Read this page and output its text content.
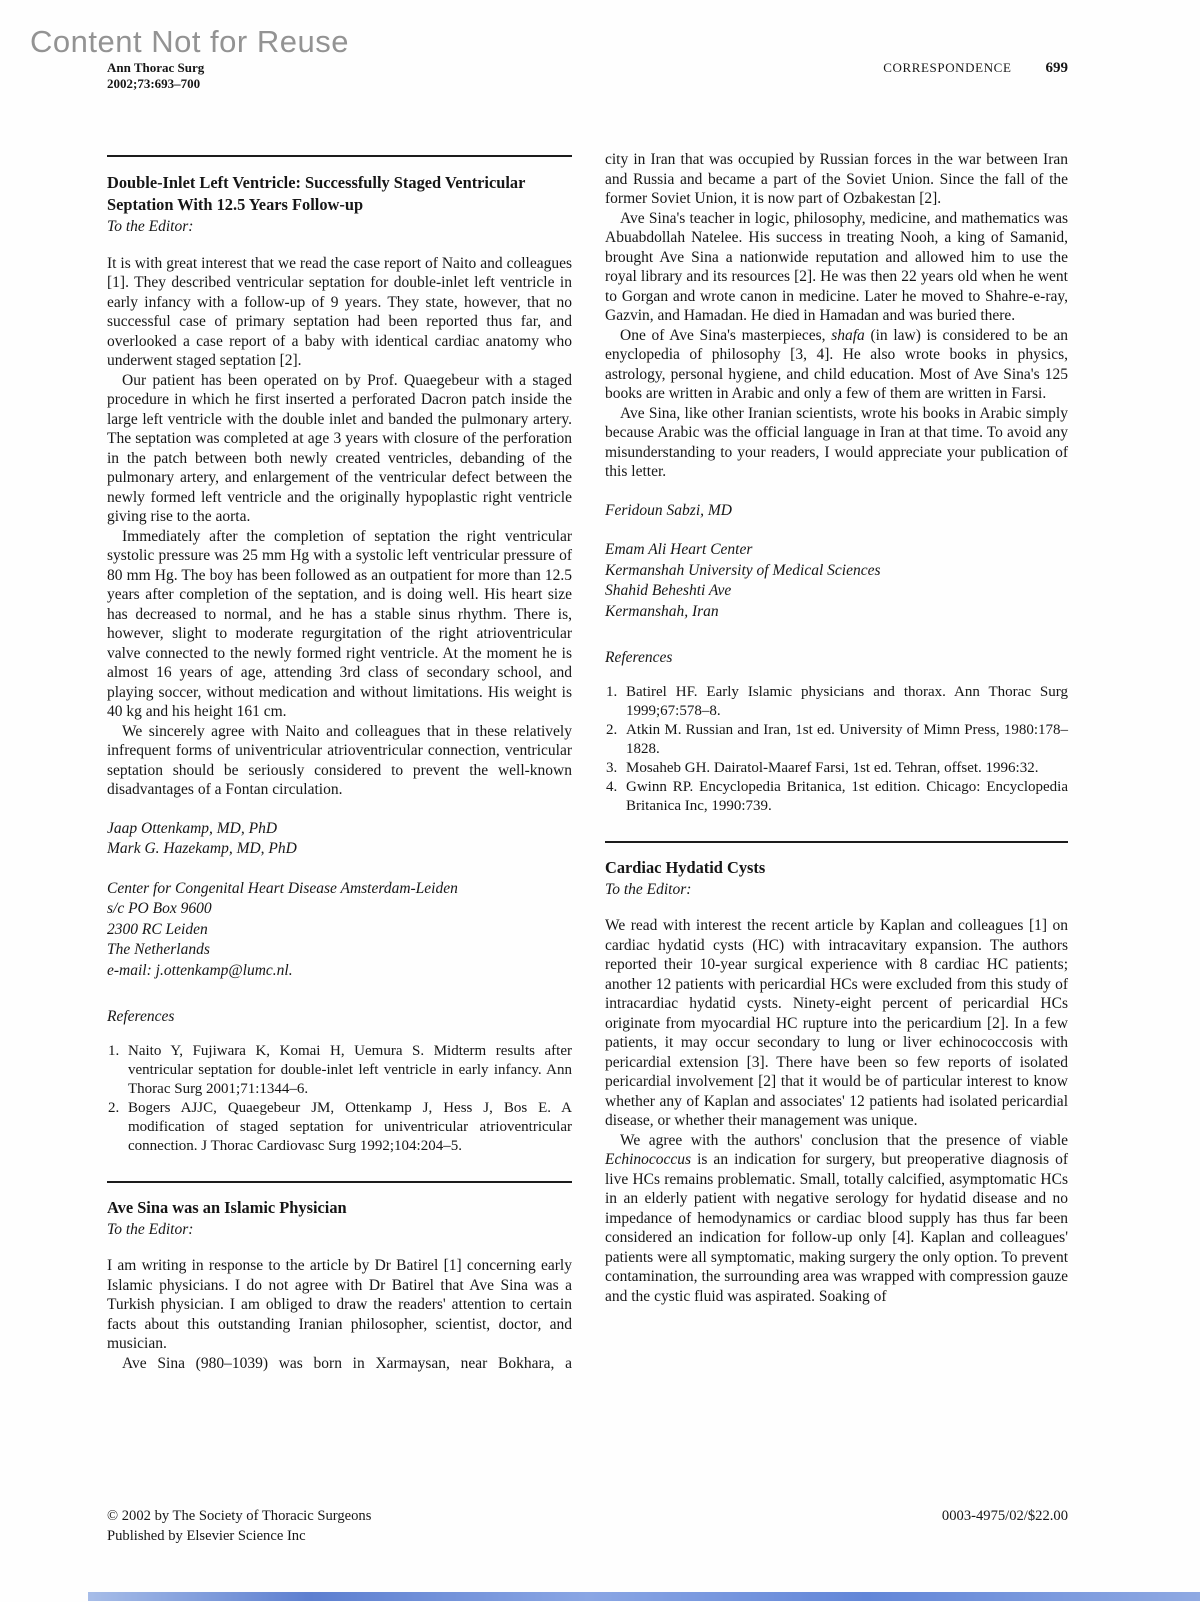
Content Not for Reuse
Ann Thorac Surg
2002;73:693–700
CORRESPONDENCE 699
Double-Inlet Left Ventricle: Successfully Staged Ventricular Septation With 12.5 Years Follow-up
To the Editor:

It is with great interest that we read the case report of Naito and colleagues [1]. They described ventricular septation for double-inlet left ventricle in early infancy with a follow-up of 9 years. They state, however, that no successful case of primary septation had been reported thus far, and overlooked a case report of a baby with identical cardiac anatomy who underwent staged septation [2].

Our patient has been operated on by Prof. Quaegebeur with a staged procedure in which he first inserted a perforated Dacron patch inside the large left ventricle with the double inlet and banded the pulmonary artery. The septation was completed at age 3 years with closure of the perforation in the patch between both newly created ventricles, debanding of the pulmonary artery, and enlargement of the ventricular defect between the newly formed left ventricle and the originally hypoplastic right ventricle giving rise to the aorta.

Immediately after the completion of septation the right ventricular systolic pressure was 25 mm Hg with a systolic left ventricular pressure of 80 mm Hg. The boy has been followed as an outpatient for more than 12.5 years after completion of the septation, and is doing well. His heart size has decreased to normal, and he has a stable sinus rhythm. There is, however, slight to moderate regurgitation of the right atrioventricular valve connected to the newly formed right ventricle. At the moment he is almost 16 years of age, attending 3rd class of secondary school, and playing soccer, without medication and without limitations. His weight is 40 kg and his height 161 cm.

We sincerely agree with Naito and colleagues that in these relatively infrequent forms of univentricular atrioventricular connection, ventricular septation should be seriously considered to prevent the well-known disadvantages of a Fontan circulation.

Jaap Ottenkamp, MD, PhD
Mark G. Hazekamp, MD, PhD
Center for Congenital Heart Disease Amsterdam-Leiden
s/c PO Box 9600
2300 RC Leiden
The Netherlands
e-mail: j.ottenkamp@lumc.nl.
References
Naito Y, Fujiwara K, Komai H, Uemura S. Midterm results after ventricular septation for double-inlet left ventricle in early infancy. Ann Thorac Surg 2001;71:1344–6.
Bogers AJJC, Quaegebeur JM, Ottenkamp J, Hess J, Bos E. A modification of staged septation for univentricular atrioventricular connection. J Thorac Cardiovasc Surg 1992;104:204–5.
Ave Sina was an Islamic Physician
To the Editor:

I am writing in response to the article by Dr Batirel [1] concerning early Islamic physicians. I do not agree with Dr Batirel that Ave Sina was a Turkish physician. I am obliged to draw the readers' attention to certain facts about this outstanding Iranian philosopher, scientist, doctor, and musician.

Ave Sina (980–1039) was born in Xarmaysan, near Bokhara, a

city in Iran that was occupied by Russian forces in the war between Iran and Russia and became a part of the Soviet Union. Since the fall of the former Soviet Union, it is now part of Ozbakestan [2].

Ave Sina's teacher in logic, philosophy, medicine, and mathematics was Abuabdollah Natelee. His success in treating Nooh, a king of Samanid, brought Ave Sina a nationwide reputation and allowed him to use the royal library and its resources [2]. He was then 22 years old when he went to Gorgan and wrote canon in medicine. Later he moved to Shahre-e-ray, Gazvin, and Hamadan. He died in Hamadan and was buried there.

One of Ave Sina's masterpieces, shafa (in law) is considered to be an enyclopedia of philosophy [3, 4]. He also wrote books in physics, astrology, personal hygiene, and child education. Most of Ave Sina's 125 books are written in Arabic and only a few of them are written in Farsi.

Ave Sina, like other Iranian scientists, wrote his books in Arabic simply because Arabic was the official language in Iran at that time. To avoid any misunderstanding to your readers, I would appreciate your publication of this letter.

Feridoun Sabzi, MD
Emam Ali Heart Center
Kermanshah University of Medical Sciences
Shahid Beheshti Ave
Kermanshah, Iran
References
Batirel HF. Early Islamic physicians and thorax. Ann Thorac Surg 1999;67:578–8.
Atkin M. Russian and Iran, 1st ed. University of Mimn Press, 1980:178–1828.
Mosaheb GH. Dairatol-Maaref Farsi, 1st ed. Tehran, offset. 1996:32.
Gwinn RP. Encyclopedia Britanica, 1st edition. Chicago: Encyclopedia Britanica Inc, 1990:739.
Cardiac Hydatid Cysts
To the Editor:

We read with interest the recent article by Kaplan and colleagues [1] on cardiac hydatid cysts (HC) with intracavitary expansion. The authors reported their 10-year surgical experience with 8 cardiac HC patients; another 12 patients with pericardial HCs were excluded from this study of intracardiac hydatid cysts. Ninety-eight percent of pericardial HCs originate from myocardial HC rupture into the pericardium [2]. In a few patients, it may occur secondary to lung or liver echinococcosis with pericardial extension [3]. There have been so few reports of isolated pericardial involvement [2] that it would be of particular interest to know whether any of Kaplan and associates' 12 patients had isolated pericardial disease, or whether their management was unique.

We agree with the authors' conclusion that the presence of viable Echinococcus is an indication for surgery, but preoperative diagnosis of live HCs remains problematic. Small, totally calcified, asymptomatic HCs in an elderly patient with negative serology for hydatid disease and no impedance of hemodynamics or cardiac blood supply has thus far been considered an indication for follow-up only [4]. Kaplan and colleagues' patients were all symptomatic, making surgery the only option. To prevent contamination, the surrounding area was wrapped with compression gauze and the cystic fluid was aspirated. Soaking of

© 2002 by The Society of Thoracic Surgeons
Published by Elsevier Science Inc
0003-4975/02/$22.00
